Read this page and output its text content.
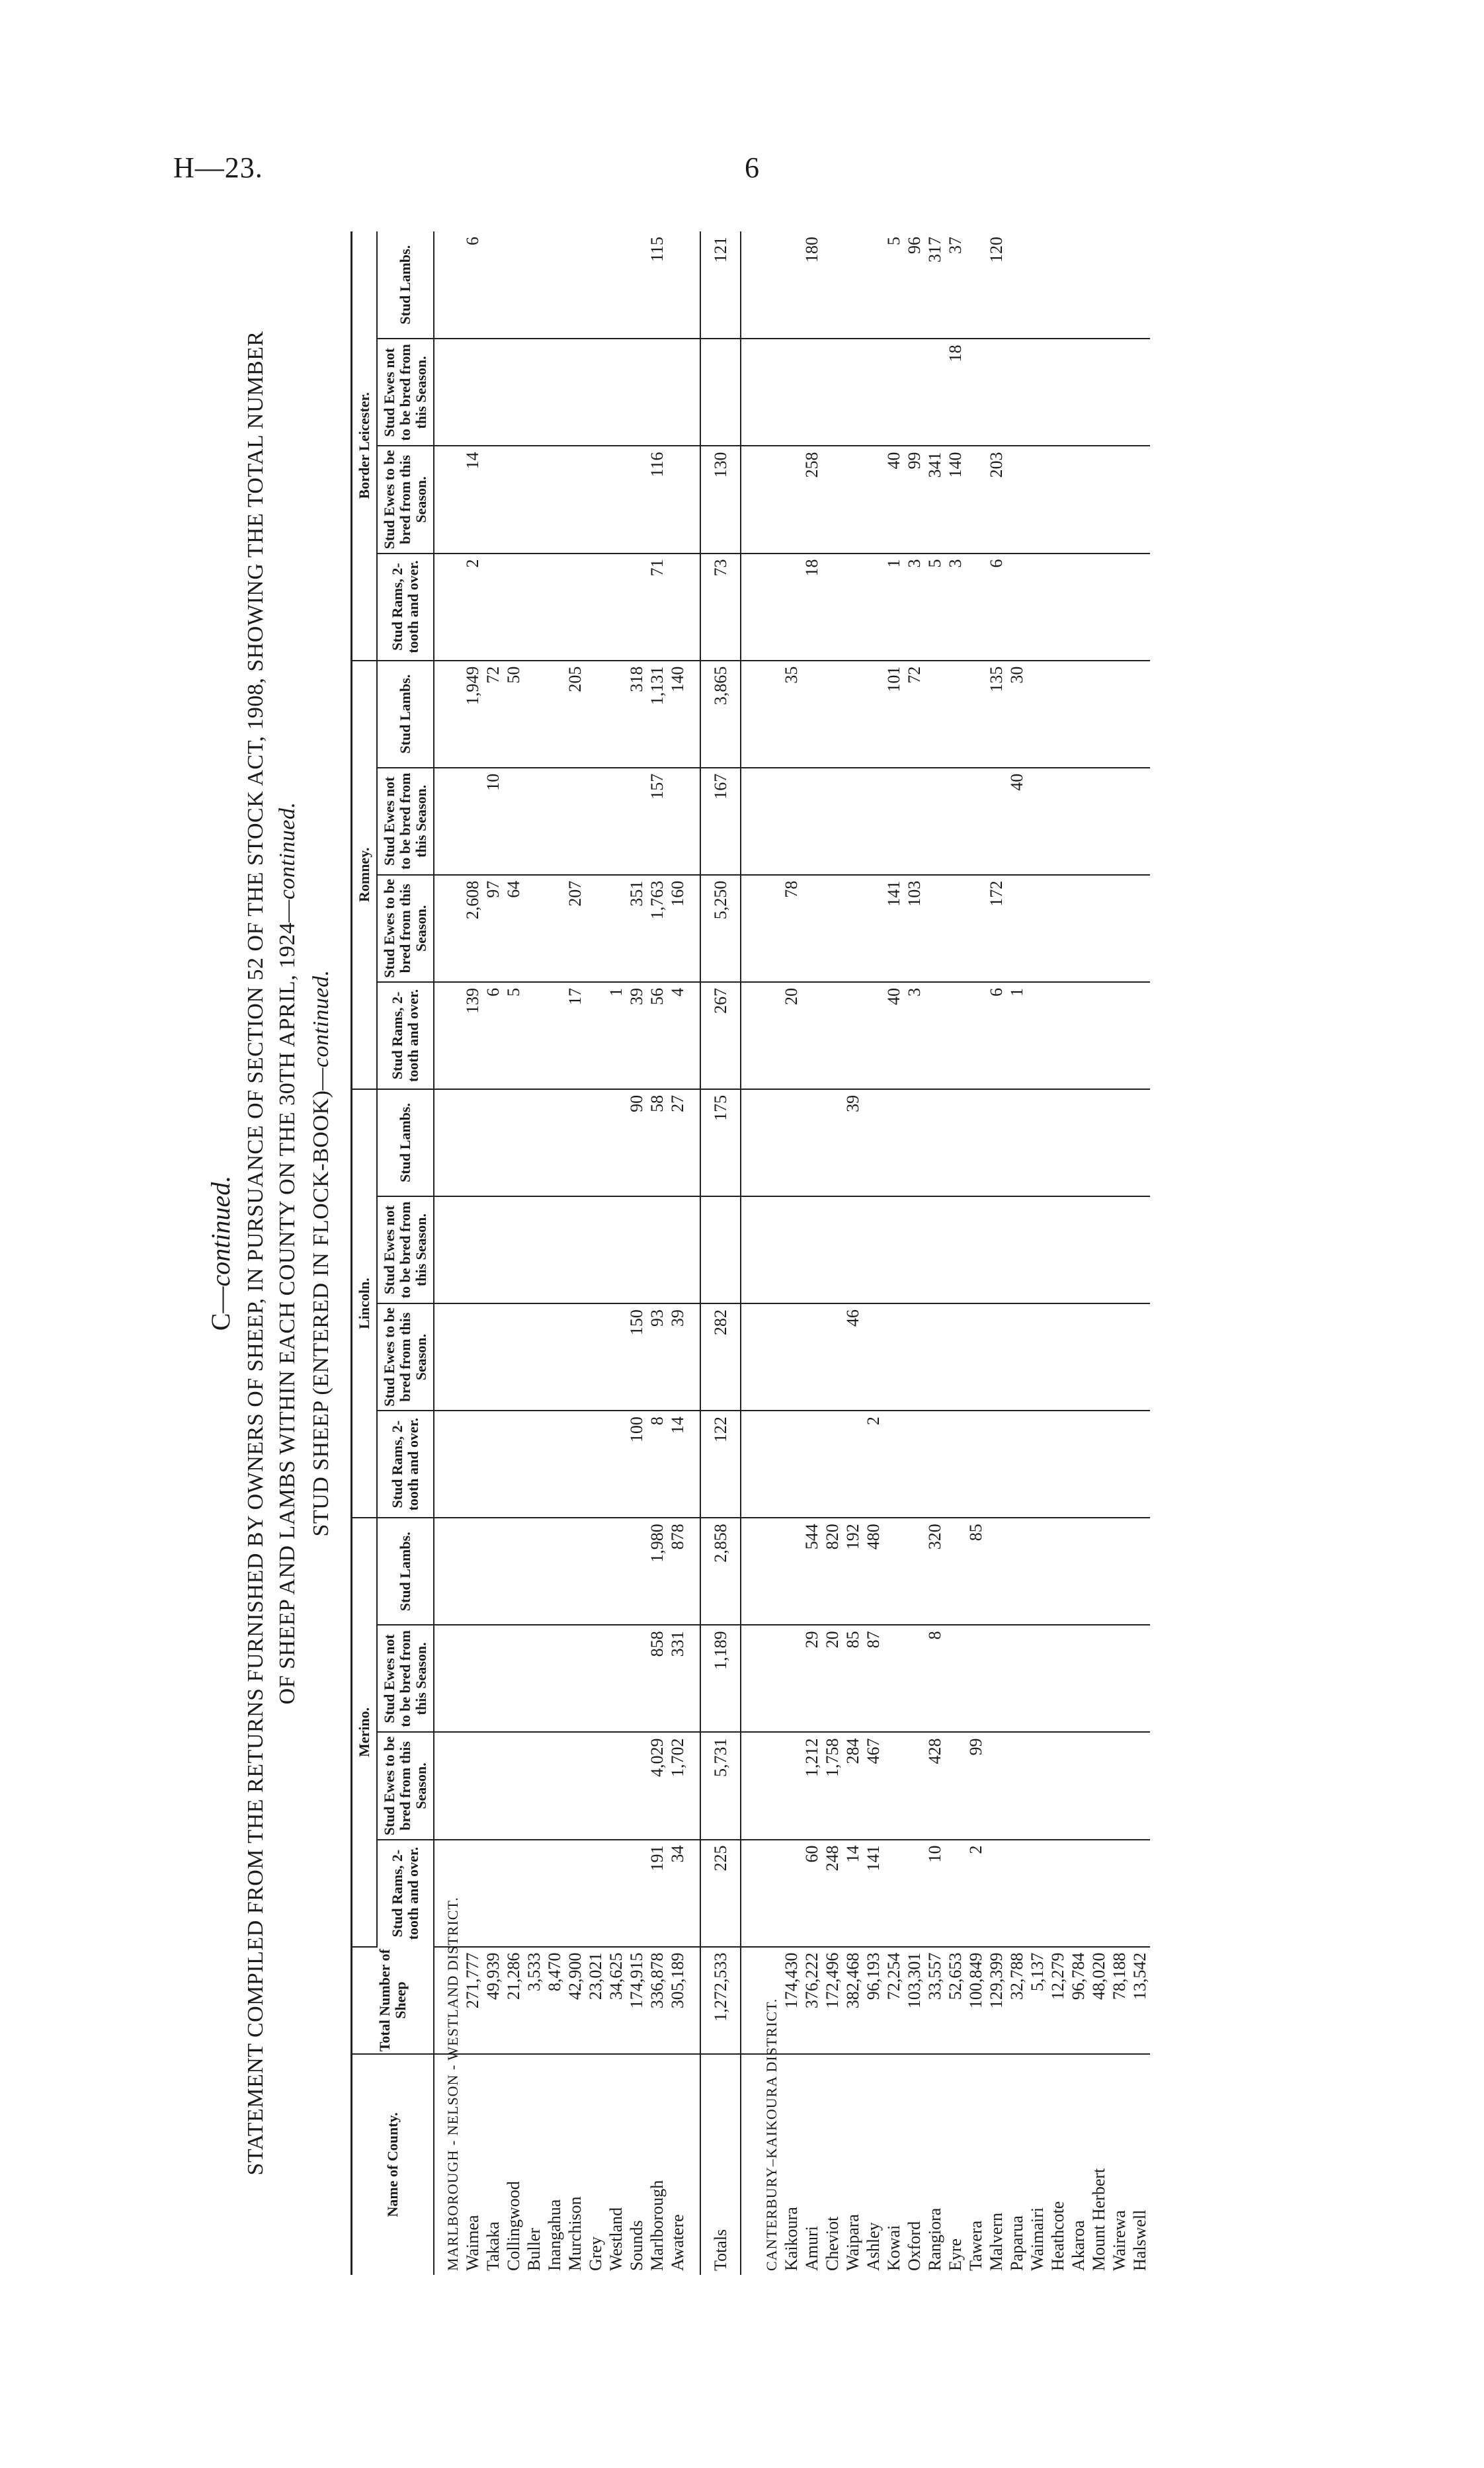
H—23.	6
C—continued. STATEMENT COMPILED FROM THE RETURNS FURNISHED BY OWNERS OF SHEEP, IN PURSUANCE OF SECTION 52 OF THE STOCK ACT, 1908, SHOWING THE TOTAL NUMBER OF SHEEP AND LAMBS WITHIN EACH COUNTY ON THE 30TH APRIL, 1924—continued.
STUD SHEEP (ENTERED IN FLOCK-BOOK)—continued.
Name of County.	Total Number of Sheep	Merino.				Lincoln.				Romney.				Border Leicester.			
		Stud Rams, 2-tooth and over.	Stud Ewes to be bred from this Season.	Stud Ewes not to be bred from this Season.	Stud Lambs.	Stud Rams, 2-tooth and over.	Stud Ewes to be bred from this Season.	Stud Ewes not to be bred from this Season.	Stud Lambs.	Stud Rams, 2-tooth and over.	Stud Ewes to be bred from this Season.	Stud Ewes not to be bred from this Season.	Stud Lambs.	Stud Rams, 2-tooth and over.	Stud Ewes to be bred from this Season.	Stud Ewes not to be bred from this Season.	Stud Lambs.
MARLBOROUGH - NELSON - WESTLAND DISTRICT.																	
Waimea	271,777									139	2,608		1,949	2	14		6
Takaka	49,939									6	97	10	72				
Collingwood	21,286									5	64		50				
Buller	3,533																
Inangahua	8,470																
Murchison	42,900									17	207		205				
Grey	23,021																
Westland	34,625									1							
Sounds	174,915					100	150		90	39	351		318				
Marlborough	336,878	191	4,029	858	1,980	8	93		58	56	1,763	157	1,131	71	116		115
Awatere	305,189	34	1,702	331	878	14	39		27	4	160		140				

Totals	1,272,533	225	5,731	1,189	2,858	122	282		175	267	5,250	167	3,865	73	130		121

CANTERBURY–KAIKOURA DISTRICT.																	
Kaikoura	174,430									20	78		35				
Amuri	376,222	60	1,212	29	544									18	258		180
Cheviot	172,496	248	1,758	20	820												
Waipara	382,468	14	284	85	192		46		39								
Ashley	96,193	141	467	87	480	2											
Kowai	72,254									40	141		101	1	40		5
Oxford	103,301									3	103		72	3	99		96
Rangiora	33,557	10	428	8	320									5	341		317
Eyre	52,653													3	140	18	37
Tawera	100,849	2	99		85												
Malvern	129,399									6	172		135	6	203		120
Paparua	32,788									1		40	30				
Waimairi	5,137																
Heathcote	12,279																
Akaroa	96,784																
Mount Herbert	48,020																
Wairewa	78,188																
Halswell	13,542																
